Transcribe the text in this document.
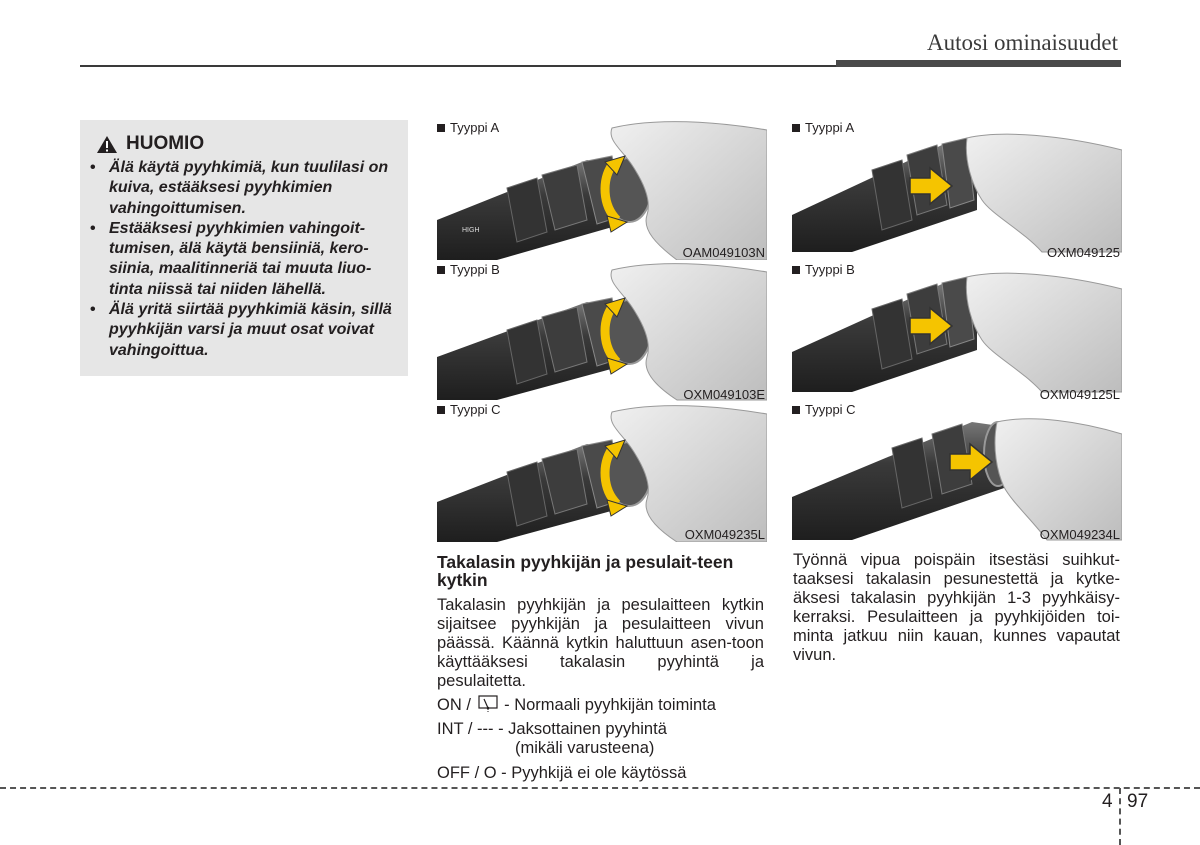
Autosi ominaisuudet
HUOMIO
• Älä käytä pyyhkimiä, kun tuulilasi on kuiva, estääksesi pyyhkimien vahingoittumisen.
• Estääksesi pyyhkimien vahingoit-tumisen, älä käytä bensiiniä, kero-siinia, maalitinneriä tai muuta liuo-tinta niissä tai niiden lähellä.
• Älä yritä siirtää pyyhkimiä käsin, sillä pyyhkijän varsi ja muut osat voivat vahingoittua.
HIGH
Tyyppi A
OAM049103N
Tyyppi B
OXM049103E
Tyyppi C
OXM049235L
Tyyppi A
OXM049125
Tyyppi B
OXM049125L
Tyyppi C
OXM049234L
Takalasin pyyhkijän ja pesulait-teen kytkin
Takalasin pyyhkijän ja pesulaitteen kytkin sijaitsee pyyhkijän ja pesulaitteen vivun päässä. Käännä kytkin haluttuun asen-toon käyttääksesi takalasin pyyhintä ja pesulaitetta.
ON / - Normaali pyyhkijän toiminta
INT / --- - Jaksottainen pyyhintä
(mikäli varusteena)
OFF / O - Pyyhkijä ei ole käytössä
Työnnä vipua poispäin itsestäsi suihkut-taaksesi takalasin pesunestettä ja kytke-äksesi takalasin pyyhkijän 1-3 pyyhkäisy-kerraksi. Pesulaitteen ja pyyhkijöiden toi-minta jatkuu niin kauan, kunnes vapautat vivun.
4 97
